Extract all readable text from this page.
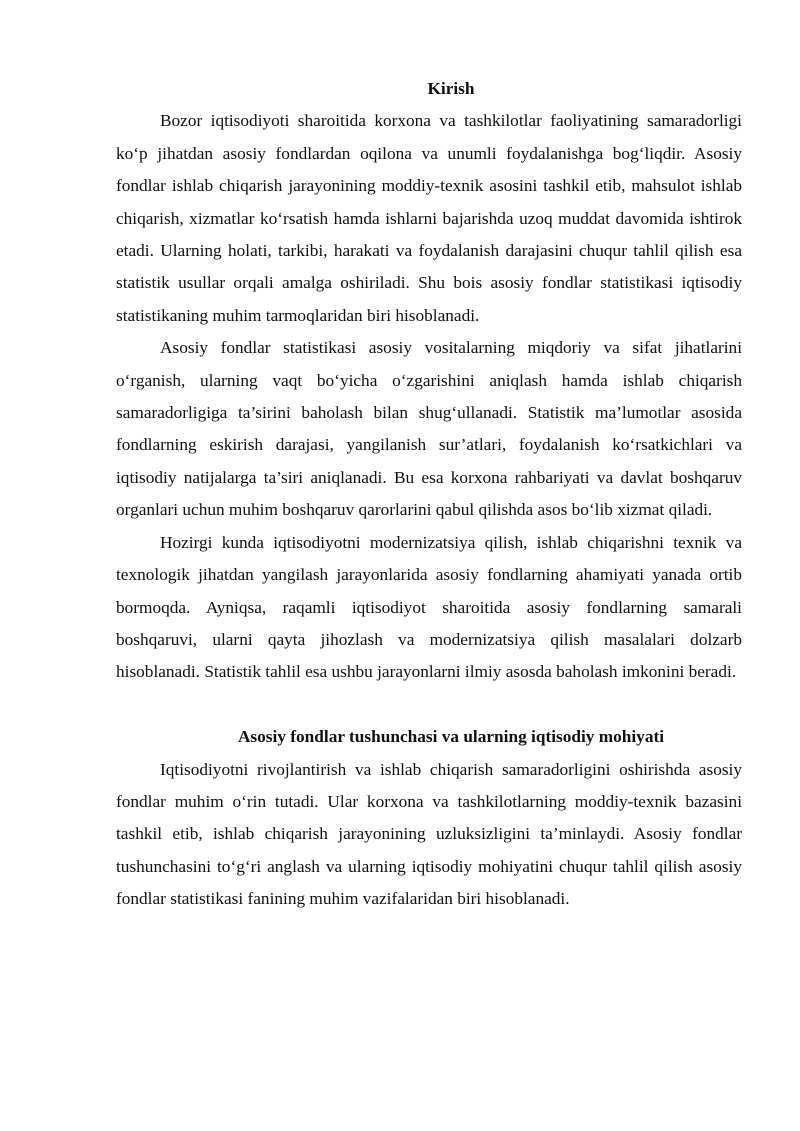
Kirish

Bozor iqtisodiyoti sharoitida korxona va tashkilotlar faoliyatining samaradorligi ko‘p jihatdan asosiy fondlardan oqilona va unumli foydalanishga bog‘liqdir. Asosiy fondlar ishlab chiqarish jarayonining moddiy-texnik asosini tashkil etib, mahsulot ishlab chiqarish, xizmatlar ko‘rsatish hamda ishlarni bajarishda uzoq muddat davomida ishtirok etadi. Ularning holati, tarkibi, harakati va foydalanish darajasini chuqur tahlil qilish esa statistik usullar orqali amalga oshiriladi. Shu bois asosiy fondlar statistikasi iqtisodiy statistikaning muhim tarmoqlaridan biri hisoblanadi.

Asosiy fondlar statistikasi asosiy vositalarning miqdoriy va sifat jihatlarini o‘rganish, ularning vaqt bo‘yicha o‘zgarishini aniqlash hamda ishlab chiqarish samaradorligiga ta’sirini baholash bilan shug‘ullanadi. Statistik ma’lumotlar asosida fondlarning eskirish darajasi, yangilanish sur’atlari, foydalanish ko‘rsatkichlari va iqtisodiy natijalarga ta’siri aniqlanadi. Bu esa korxona rahbariyati va davlat boshqaruv organlari uchun muhim boshqaruv qarorlarini qabul qilishda asos bo‘lib xizmat qiladi.

Hozirgi kunda iqtisodiyotni modernizatsiya qilish, ishlab chiqarishni texnik va texnologik jihatdan yangilash jarayonlarida asosiy fondlarning ahamiyati yanada ortib bormoqda. Ayniqsa, raqamli iqtisodiyot sharoitida asosiy fondlarning samarali boshqaruvi, ularni qayta jihozlash va modernizatsiya qilish masalalari dolzarb hisoblanadi. Statistik tahlil esa ushbu jarayonlarni ilmiy asosda baholash imkonini beradi.

Asosiy fondlar tushunchasi va ularning iqtisodiy mohiyati

Iqtisodiyotni rivojlantirish va ishlab chiqarish samaradorligini oshirishda asosiy fondlar muhim o‘rin tutadi. Ular korxona va tashkilotlarning moddiy-texnik bazasini tashkil etib, ishlab chiqarish jarayonining uzluksizligini ta’minlaydi. Asosiy fondlar tushunchasini to‘g‘ri anglash va ularning iqtisodiy mohiyatini chuqur tahlil qilish asosiy fondlar statistikasi fanining muhim vazifalaridan biri hisoblanadi.
